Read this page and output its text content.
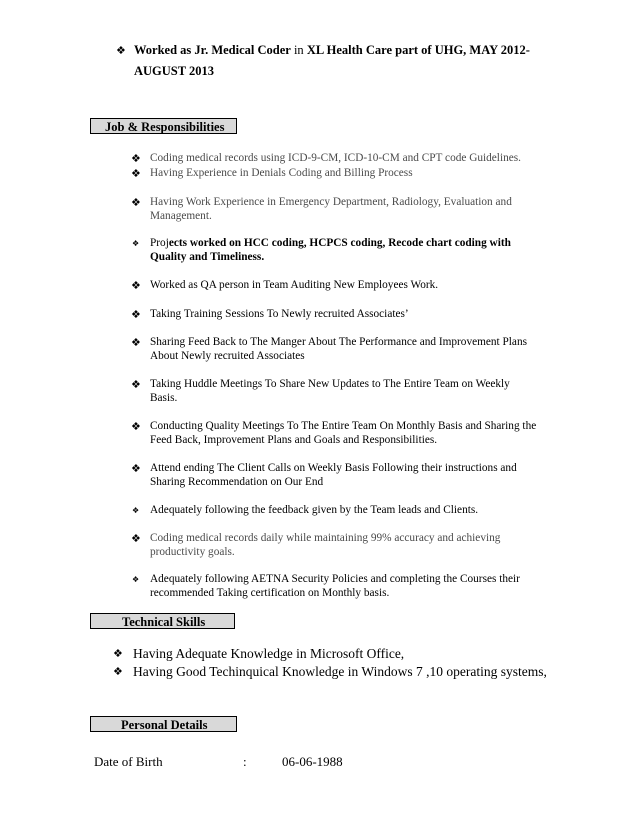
❖ Worked as Jr. Medical Coder in XL Health Care part of UHG, MAY 2012-
AUGUST 2013
Job & Responsibilities
❖ Coding medical records using ICD-9-CM, ICD-10-CM and CPT code Guidelines.
❖ Having Experience in Denials Coding and Billing Process
❖ Having Work Experience in Emergency Department, Radiology, Evaluation and
Management.
❖ Projects worked on HCC coding, HCPCS coding, Recode chart coding with
Quality and Timeliness.
❖ Worked as QA person in Team Auditing New Employees Work.
❖ Taking Training Sessions To Newly recruited Associates’
❖ Sharing Feed Back to The Manger About The Performance and Improvement Plans
About Newly recruited Associates
❖ Taking Huddle Meetings To Share New Updates to The Entire Team on Weekly
Basis.
❖ Conducting Quality Meetings To The Entire Team On Monthly Basis and Sharing the
Feed Back, Improvement Plans and Goals and Responsibilities.
❖ Attend ending The Client Calls on Weekly Basis Following their instructions and
Sharing Recommendation on Our End
❖ Adequately following the feedback given by the Team leads and Clients.
❖ Coding medical records daily while maintaining 99% accuracy and achieving
productivity goals.
❖ Adequately following AETNA Security Policies and completing the Courses their
recommended Taking certification on Monthly basis.
Technical Skills
❖ Having Adequate Knowledge in Microsoft Office,
❖ Having Good Techinquical Knowledge in Windows 7 ,10 operating systems,
Personal Details
Date of Birth	:	06-06-1988
